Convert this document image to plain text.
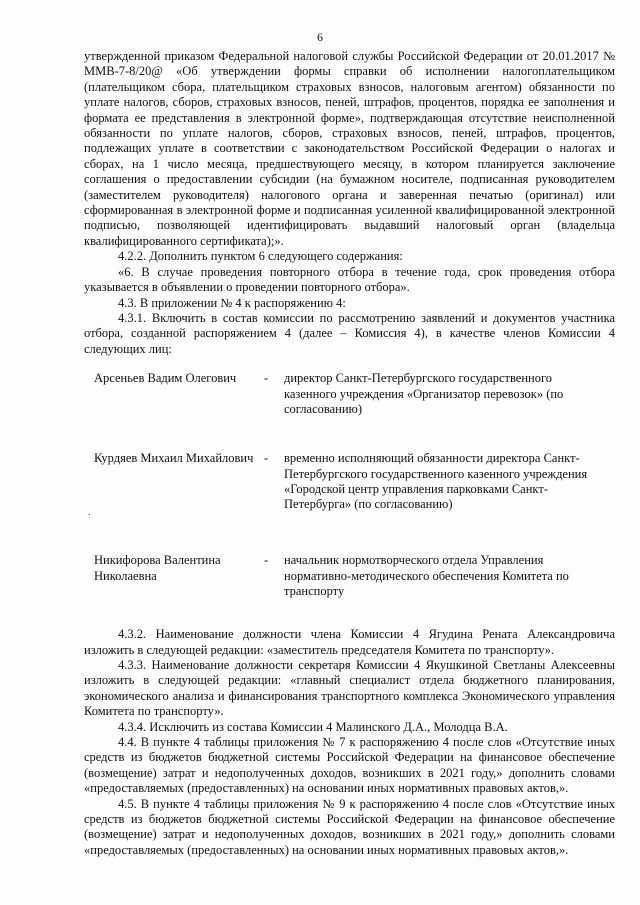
6

утвержденной приказом Федеральной налоговой службы Российской Федерации от 20.01.2017 № ММВ-7-8/20@ «Об утверждении формы справки об исполнении налогоплательщиком (плательщиком сбора, плательщиком страховых взносов, налоговым агентом) обязанности по уплате налогов, сборов, страховых взносов, пеней, штрафов, процентов, порядка ее заполнения и формата ее представления в электронной форме», подтверждающая отсутствие неисполненной обязанности по уплате налогов, сборов, страховых взносов, пеней, штрафов, процентов, подлежащих уплате в соответствии с законодательством Российской Федерации о налогах и сборах, на 1 число месяца, предшествующего месяцу, в котором планируется заключение соглашения о предоставлении субсидии (на бумажном носителе, подписанная руководителем (заместителем руководителя) налогового органа и заверенная печатью (оригинал) или сформированная в электронной форме и подписанная усиленной квалифицированной электронной подписью, позволяющей идентифицировать выдавший налоговый орган (владельца квалифицированного сертификата);».

4.2.2. Дополнить пунктом 6 следующего содержания:

«6. В случае проведения повторного отбора в течение года, срок проведения отбора указывается в объявлении о проведении повторного отбора».

4.3. В приложении № 4 к распоряжению 4:

4.3.1. Включить в состав комиссии по рассмотрению заявлений и документов участника отбора, созданной распоряжением 4 (далее – Комиссия 4), в качестве членов Комиссии 4 следующих лиц:

Арсеньев Вадим Олегович	- директор Санкт-Петербургского государственного казенного учреждения «Организатор перевозок» (по согласованию)
Курдяев Михаил Михайлович - временно исполняющий обязанности директора Санкт-Петербургского государственного казенного учреждения «Городской центр управления парковками Санкт-Петербурга» (по согласованию)
.
Никифорова Валентина Николаевна
- начальник нормотворческого отдела Управления нормативно-методического обеспечения Комитета по транспорту

4.3.2. Наименование должности члена Комиссии 4 Ягудина Рената Александровича изложить в следующей редакции: «заместитель председателя Комитета по транспорту».

4.3.3. Наименование должности секретаря Комиссии 4 Якушкиной Светланы Алексеевны изложить в следующей редакции: «главный специалист отдела бюджетного планирования, экономического анализа и финансирования транспортного комплекса Экономического управления Комитета по транспорту».

4.3.4. Исключить из состава Комиссии 4 Малинского Д.А., Молодца В.А.

4.4. В пункте 4 таблицы приложения № 7 к распоряжению 4 после слов «Отсутствие иных средств из бюджетов бюджетной системы Российской Федерации на финансовое обеспечение (возмещение) затрат и недополученных доходов, возникших в 2021 году,» дополнить словами «предоставляемых (предоставленных) на основании иных нормативных правовых актов,».

4.5. В пункте 4 таблицы приложения № 9 к распоряжению 4 после слов «Отсутствие иных средств из бюджетов бюджетной системы Российской Федерации на финансовое обеспечение (возмещение) затрат и недополученных доходов, возникших в 2021 году,» дополнить словами «предоставляемых (предоставленных) на основании иных нормативных правовых актов,».
